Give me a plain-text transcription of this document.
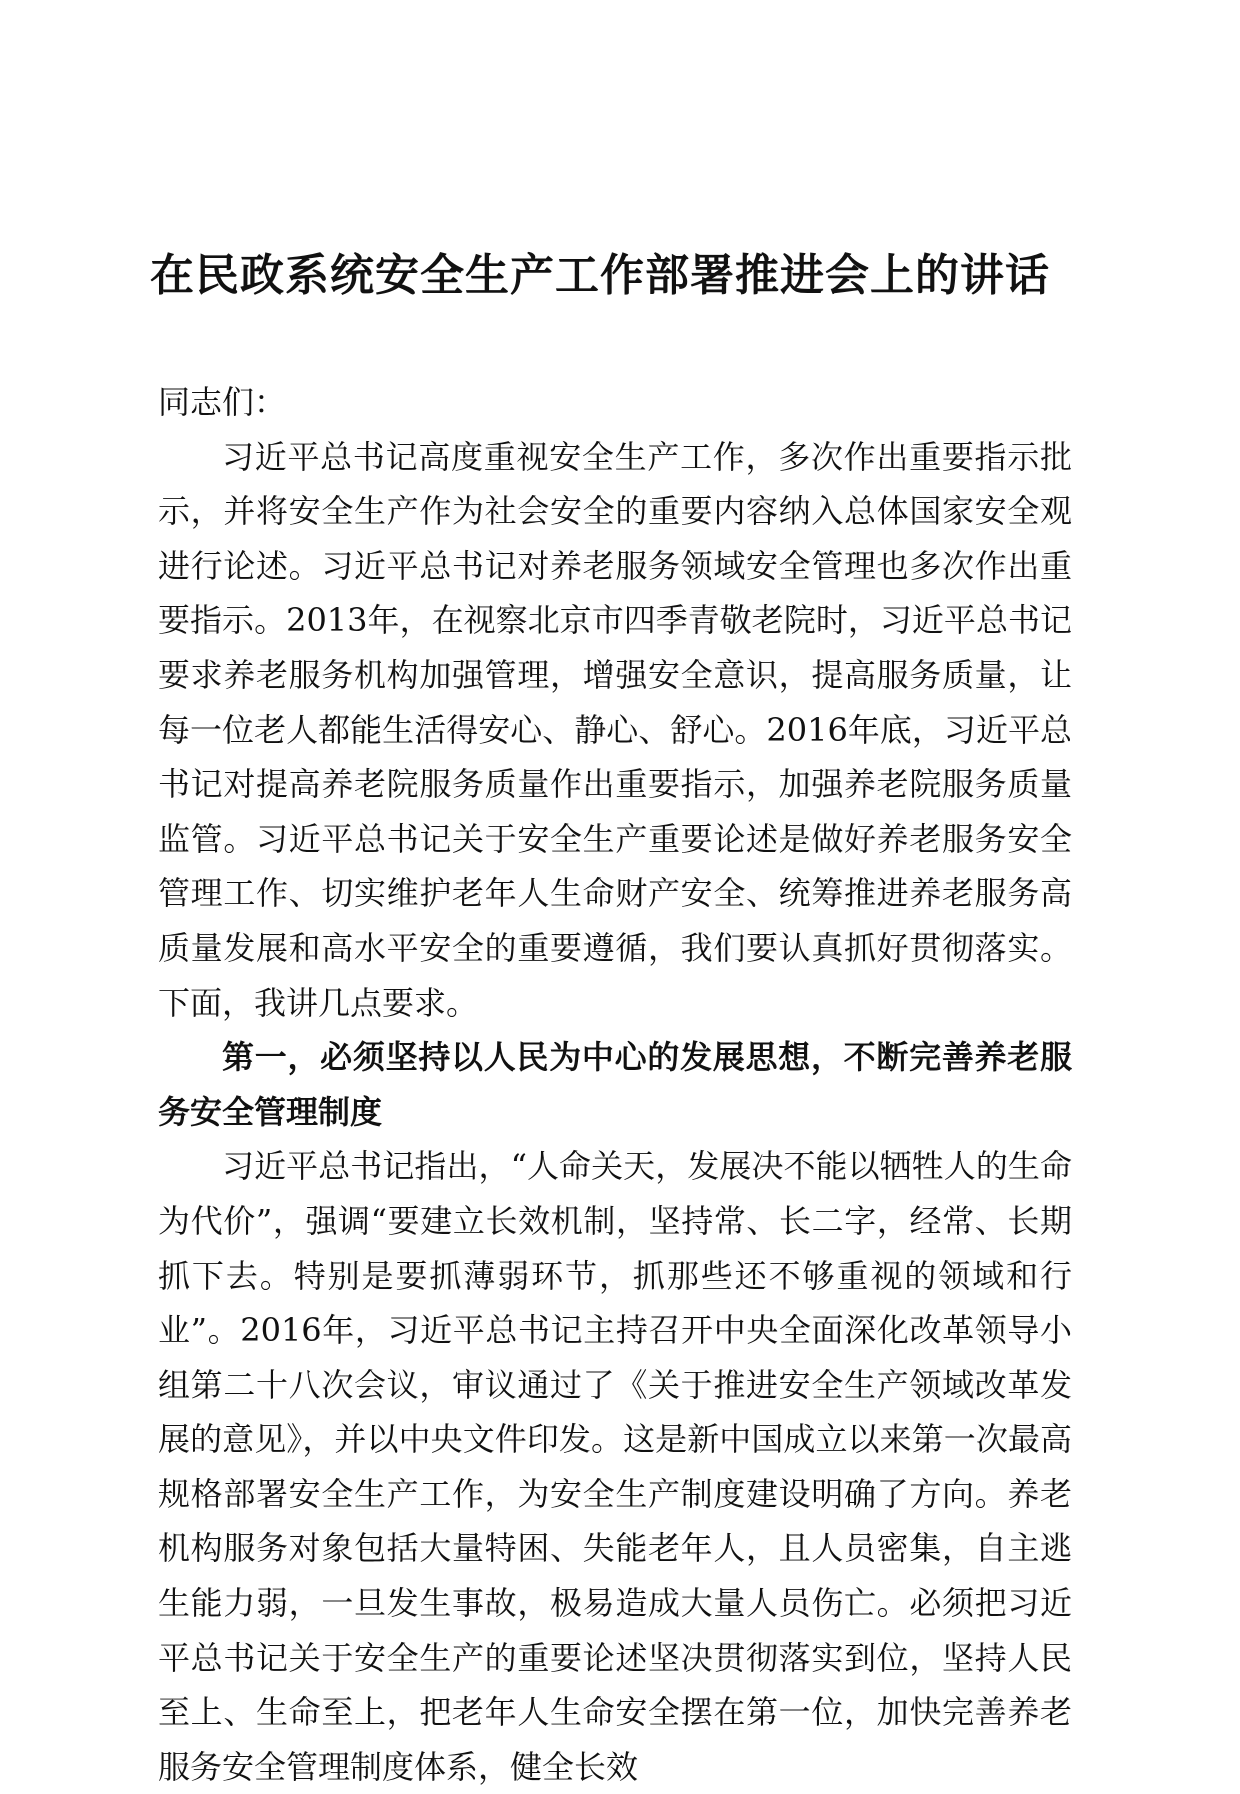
在民政系统安全生产工作部署推进会上的讲话

同志们：

习近平总书记高度重视安全生产工作，多次作出重要指示批示，并将安全生产作为社会安全的重要内容纳入总体国家安全观进行论述。习近平总书记对养老服务领域安全管理也多次作出重要指示。2013年，在视察北京市四季青敬老院时，习近平总书记要求养老服务机构加强管理，增强安全意识，提高服务质量，让每一位老人都能生活得安心、静心、舒心。2016年底，习近平总书记对提高养老院服务质量作出重要指示，加强养老院服务质量监管。习近平总书记关于安全生产重要论述是做好养老服务安全管理工作、切实维护老年人生命财产安全、统筹推进养老服务高质量发展和高水平安全的重要遵循，我们要认真抓好贯彻落实。下面，我讲几点要求。

第一，必须坚持以人民为中心的发展思想，不断完善养老服务安全管理制度

习近平总书记指出，“人命关天，发展决不能以牺牲人的生命为代价”，强调“要建立长效机制，坚持常、长二字，经常、长期抓下去。特别是要抓薄弱环节，抓那些还不够重视的领域和行业”。2016年，习近平总书记主持召开中央全面深化改革领导小组第二十八次会议，审议通过了《关于推进安全生产领域改革发展的意见》，并以中央文件印发。这是新中国成立以来第一次最高规格部署安全生产工作，为安全生产制度建设明确了方向。养老机构服务对象包括大量特困、失能老年人，且人员密集，自主逃生能力弱，一旦发生事故，极易造成大量人员伤亡。必须把习近平总书记关于安全生产的重要论述坚决贯彻落实到位，坚持人民至上、生命至上，把老年人生命安全摆在第一位，加快完善养老服务安全管理制度体系，健全长效
